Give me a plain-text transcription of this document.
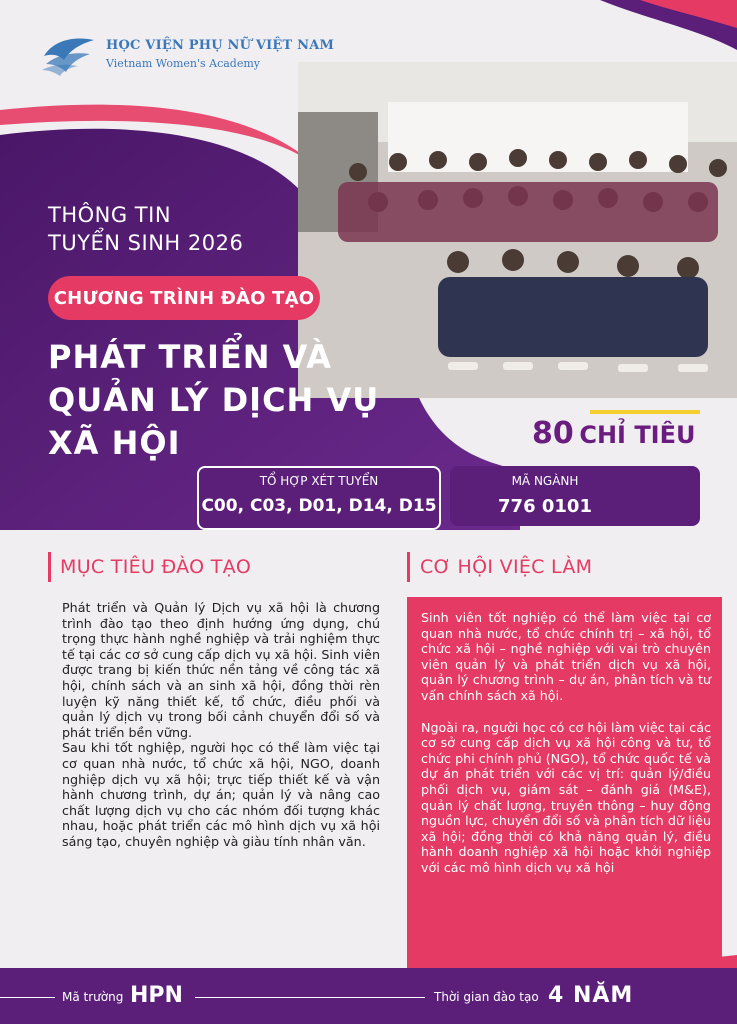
HỌC VIỆN PHỤ NỮ VIỆT NAM
Vietnam Women's Academy
THÔNG TIN
TUYỂN SINH 2026
CHƯƠNG TRÌNH ĐÀO TẠO
PHÁT TRIỂN VÀ
QUẢN LÝ DỊCH VỤ
XÃ HỘI	80 CHỈ TIÊU
TỔ HỢP XÉT TUYỂN
C00, C03, D01, D14, D15
MÃ NGÀNH
776 0101
MỤC TIÊU ĐÀO TẠO

Phát triển và Quản lý Dịch vụ xã hội là chương trình đào tạo theo định hướng ứng dụng, chú trọng thực hành nghề nghiệp và trải nghiệm thực tế tại các cơ sở cung cấp dịch vụ xã hội. Sinh viên được trang bị kiến thức nền tảng về công tác xã hội, chính sách và an sinh xã hội, đồng thời rèn luyện kỹ năng thiết kế, tổ chức, điều phối và quản lý dịch vụ trong bối cảnh chuyển đổi số và phát triển bền vững.

Sau khi tốt nghiệp, người học có thể làm việc tại cơ quan nhà nước, tổ chức xã hội, NGO, doanh nghiệp dịch vụ xã hội; trực tiếp thiết kế và vận hành chương trình, dự án; quản lý và nâng cao chất lượng dịch vụ cho các nhóm đối tượng khác nhau, hoặc phát triển các mô hình dịch vụ xã hội sáng tạo, chuyên nghiệp và giàu tính nhân văn.

CƠ HỘI VIỆC LÀM

Sinh viên tốt nghiệp có thể làm việc tại cơ quan nhà nước, tổ chức chính trị – xã hội, tổ chức xã hội – nghề nghiệp với vai trò chuyên viên quản lý và phát triển dịch vụ xã hội, quản lý chương trình – dự án, phân tích và tư vấn chính sách xã hội.

Ngoài ra, người học có cơ hội làm việc tại các cơ sở cung cấp dịch vụ xã hội công và tư, tổ chức phi chính phủ (NGO), tổ chức quốc tế và dự án phát triển với các vị trí: quản lý/điều phối dịch vụ, giám sát – đánh giá (M&E), quản lý chất lượng, truyền thông – huy động nguồn lực, chuyển đổi số và phân tích dữ liệu xã hội; đồng thời có khả năng quản lý, điều hành doanh nghiệp xã hội hoặc khởi nghiệp với các mô hình dịch vụ xã hội

Mã trường HPN	Thời gian đào tạo 4 NĂM
